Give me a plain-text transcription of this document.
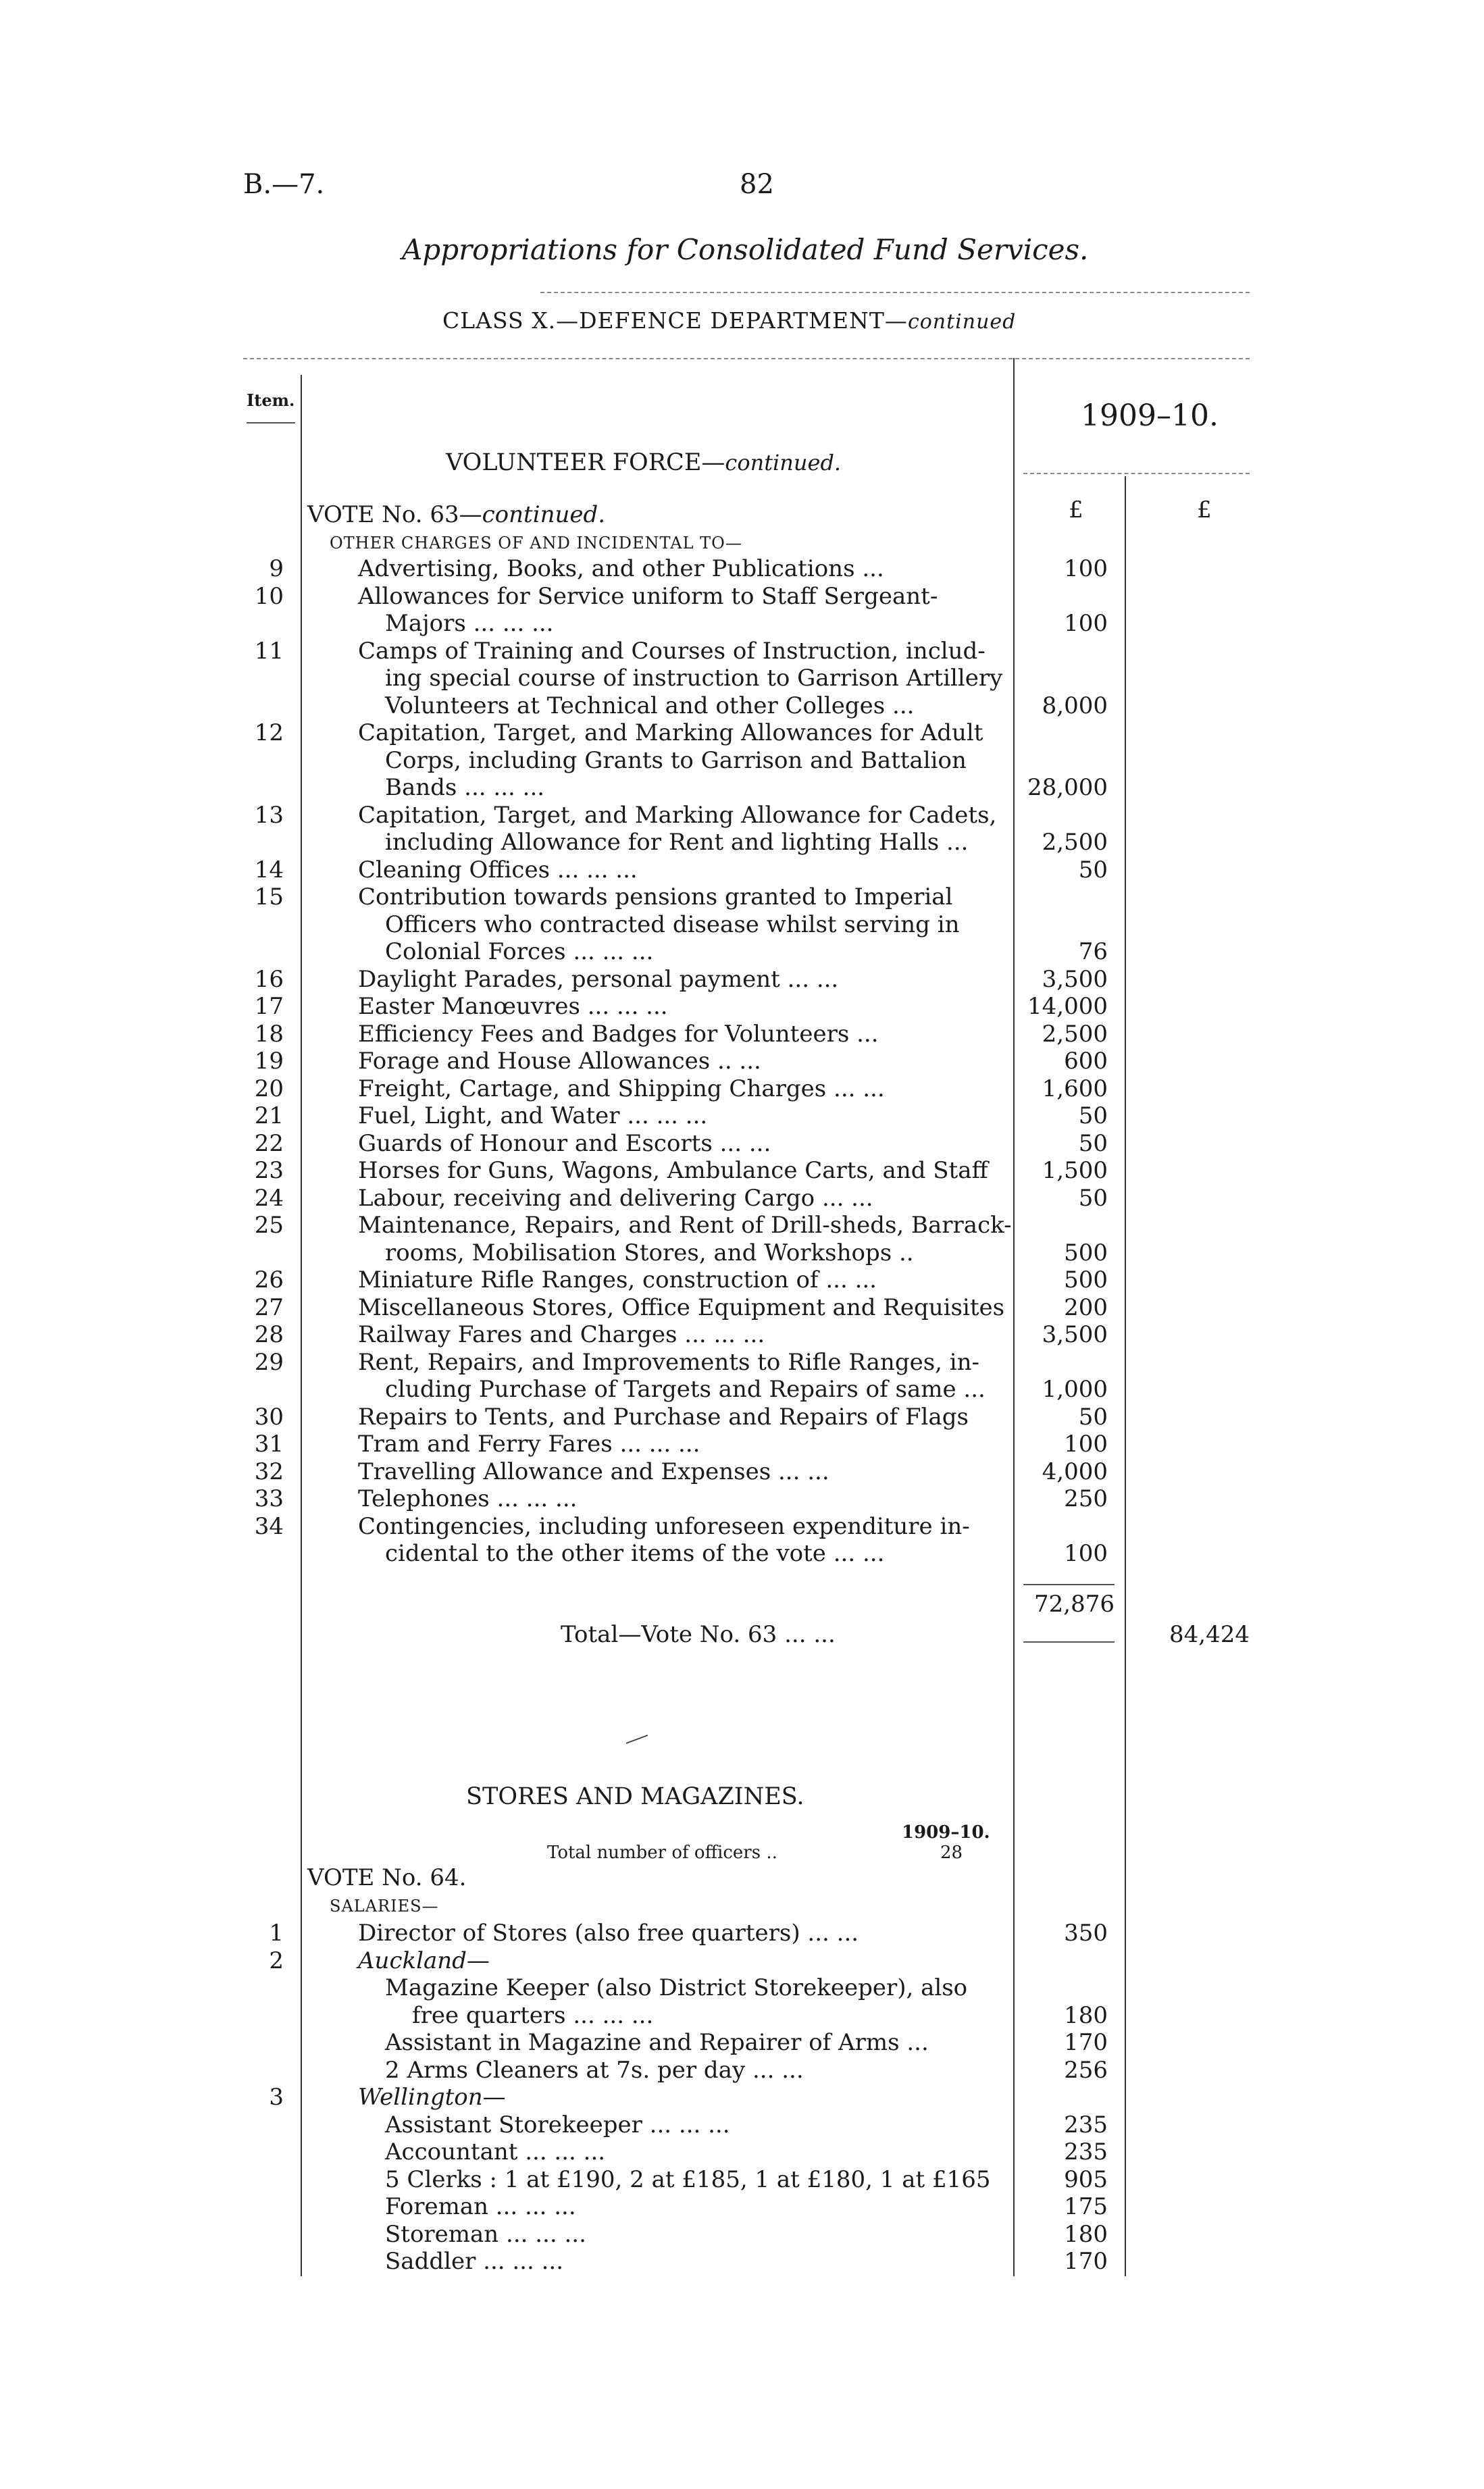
B.—7.	82
Appropriations for Consolidated Fund Services.
CLASS X.—DEFENCE DEPARTMENT—continued
Item.	1909–10.
£	£
VOLUNTEER FORCE—continued.
VOTE No. 63—continued.
OTHER CHARGES OF AND INCIDENTAL TO—
9	Advertising, Books, and other Publications ...	100
10	Allowances for Service uniform to Staff Sergeant-
Majors ... ... ...	100
11	Camps of Training and Courses of Instruction, includ-
ing special course of instruction to Garrison Artillery
Volunteers at Technical and other Colleges ...	8,000
12	Capitation, Target, and Marking Allowances for Adult
Corps, including Grants to Garrison and Battalion
Bands ... ... ...	28,000
13	Capitation, Target, and Marking Allowance for Cadets,
including Allowance for Rent and lighting Halls ...	2,500
14	Cleaning Offices ... ... ...	50
15	Contribution towards pensions granted to Imperial
Officers who contracted disease whilst serving in
Colonial Forces ... ... ...	76
16	Daylight Parades, personal payment ... ...	3,500
17	Easter Manœuvres ... ... ...	14,000
18	Efficiency Fees and Badges for Volunteers ...	2,500
19	Forage and House Allowances .. ...	600
20	Freight, Cartage, and Shipping Charges ... ...	1,600
21	Fuel, Light, and Water ... ... ...	50
22	Guards of Honour and Escorts ... ...	50
23	Horses for Guns, Wagons, Ambulance Carts, and Staff	1,500
24	Labour, receiving and delivering Cargo ... ...	50
25	Maintenance, Repairs, and Rent of Drill-sheds, Barrack-
rooms, Mobilisation Stores, and Workshops ..	500
26	Miniature Rifle Ranges, construction of ... ...	500
27	Miscellaneous Stores, Office Equipment and Requisites	200
28	Railway Fares and Charges ... ... ...	3,500
29	Rent, Repairs, and Improvements to Rifle Ranges, in-
cluding Purchase of Targets and Repairs of same ...	1,000
30	Repairs to Tents, and Purchase and Repairs of Flags	50
31	Tram and Ferry Fares ... ... ...	100
32	Travelling Allowance and Expenses ... ...	4,000
33	Telephones ... ... ...	250
34	Contingencies, including unforeseen expenditure in-
cidental to the other items of the vote ... ...	100
72,876
Total—Vote No. 63 ... ...	84,424
STORES AND MAGAZINES.
1909–10.
Total number of officers ..	28
VOTE No. 64.
SALARIES—
1	Director of Stores (also free quarters) ... ...	350
2	Auckland—
Magazine Keeper (also District Storekeeper), also
free quarters ... ... ...	180
Assistant in Magazine and Repairer of Arms ...	170
2 Arms Cleaners at 7s. per day ... ...	256
3	Wellington—
Assistant Storekeeper ... ... ...	235
Accountant ... ... ...	235
5 Clerks : 1 at £190, 2 at £185, 1 at £180, 1 at £165	905
Foreman ... ... ...	175
Storeman ... ... ...	180
Saddler ... ... ...	170
